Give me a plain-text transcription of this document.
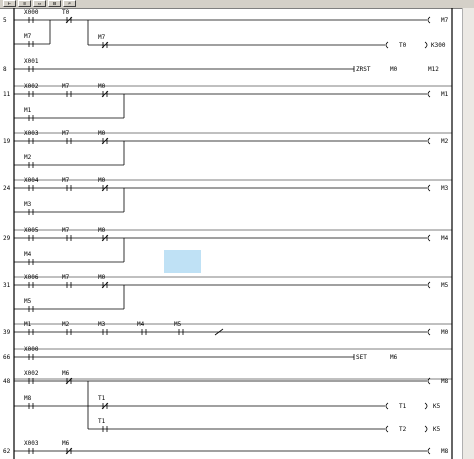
⊢	≡	▭	⊟	⌕
5
X000	T0
M7
M7	M7
T0	K300
8
X001
ZRST	M0	M12
11
X002	M7	M0
M1
M1
19
X003	M7	M0
M2
M2
24
X004	M7	M0
M3
M3
29
X005	M7	M0
M4
M4
31
X006	M7	M0
M5
M5
39
M1	M2	M3	M4	M5
M0
66
X000
SET	M6
48
X002	M6
M8
M8	T1
T1	K5
T1
T2	K5
62
X003	M6
M8
